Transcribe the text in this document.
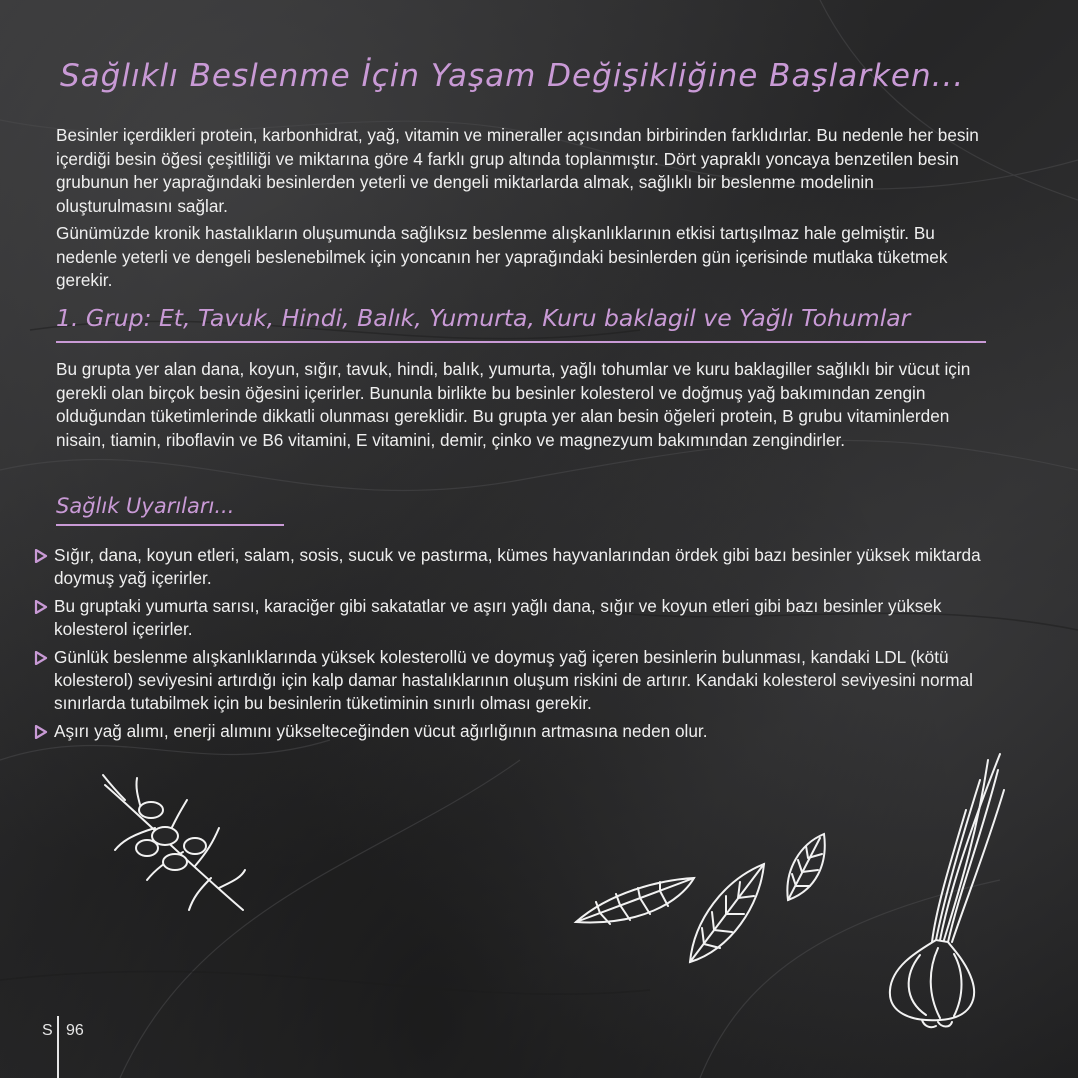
Sağlıklı Beslenme İçin Yaşam Değişikliğine Başlarken...

Besinler içerdikleri protein, karbonhidrat, yağ, vitamin ve mineraller açısından birbirinden farklıdırlar. Bu nedenle her besin içerdiği besin öğesi çeşitliliği ve miktarına göre 4 farklı grup altında toplanmıştır. Dört yapraklı yoncaya benzetilen besin grubunun her yaprağındaki besinlerden yeterli ve dengeli miktarlarda almak, sağlıklı bir beslenme modelinin oluşturulmasını sağlar.

Günümüzde kronik hastalıkların oluşumunda sağlıksız beslenme alışkanlıklarının etkisi tartışılmaz hale gelmiştir. Bu nedenle yeterli ve dengeli beslenebilmek için yoncanın her yaprağındaki besinlerden gün içerisinde mutlaka tüketmek gerekir.

1. Grup: Et, Tavuk, Hindi, Balık, Yumurta, Kuru baklagil ve Yağlı Tohumlar

Bu grupta yer alan dana, koyun, sığır, tavuk, hindi, balık, yumurta, yağlı tohumlar ve kuru baklagiller sağlıklı bir vücut için gerekli olan birçok besin öğesini içerirler. Bununla birlikte bu besinler kolesterol ve doğmuş yağ bakımından zengin olduğundan tüketimlerinde dikkatli olunması gereklidir. Bu grupta yer alan besin öğeleri protein, B grubu vitaminlerden nisain, tiamin, riboflavin ve B6 vitamini, E vitamini, demir, çinko ve magnezyum bakımından zengindirler.

Sağlık Uyarıları...
Sığır, dana, koyun etleri, salam, sosis, sucuk ve pastırma, kümes hayvanlarından ördek gibi bazı besinler yüksek miktarda doymuş yağ içerirler.
Bu gruptaki yumurta sarısı, karaciğer gibi sakatatlar ve aşırı yağlı dana, sığır ve koyun etleri gibi bazı besinler yüksek kolesterol içerirler.
Günlük beslenme alışkanlıklarında yüksek kolesterollü ve doymuş yağ içeren besinlerin bulunması, kandaki LDL (kötü kolesterol) seviyesini artırdığı için kalp damar hastalıklarının oluşum riskini de artırır. Kandaki kolesterol seviyesini normal sınırlarda tutabilmek için bu besinlerin tüketiminin sınırlı olması gerekir.
Aşırı yağ alımı, enerji alımını yükselteceğinden vücut ağırlığının artmasına neden olur.
S 96
